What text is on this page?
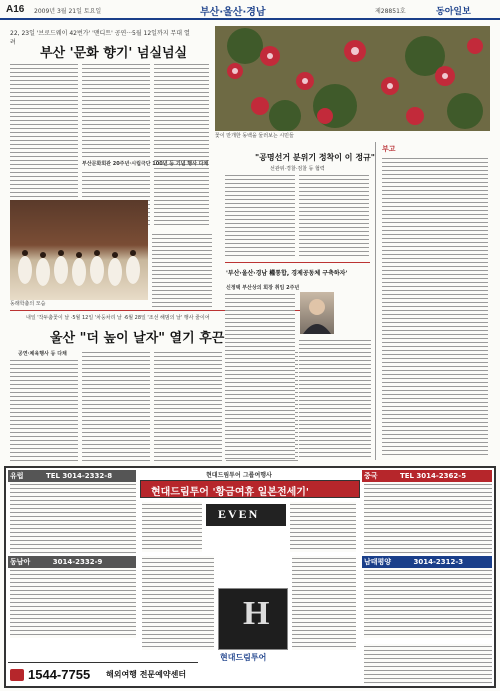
A16 2009년 3월 21일 토요일	부산·울산·경남	제28851호	동아일보
22, 23일 '브로드웨이 42번가' '맨디트' 공연···5월 12일까지 무대 열려
부산 '문화 향기' 넘실넘실
부산문화회관 20주년·시립극단 100년 등 기념 행사 다채
동래학춤의 모습
내일 '작두춤꽃이 날 ·5월 12일 '차둥차리 날 ·6월 28일 '조선 해범의 날' 행사 줄이어
울산 "더 높이 날자" 열기 후끈
공연·체육행사 등 다채
꽃이 만개한 동백을 둘러보는 시민들
"공명선거 분위기 정착이 이 정규"
선관위·경찰·검찰 등 협력
부고
'부산·울산·경남 權통합, 경제공동체 구축하자'
신정택 부산상의 회장 취임 2주년
유럽	TEL 3014-2332-8
동남아	3014-2332-9
현대드림투어 그룹여행사
현대드림투어 '황금여휴 일본전세기'
EVEN
H
현대드림투어
중국	TEL 3014-2362-5
남태평양	3014-2312-3
1544-7755 해외여행 전문예약센터
